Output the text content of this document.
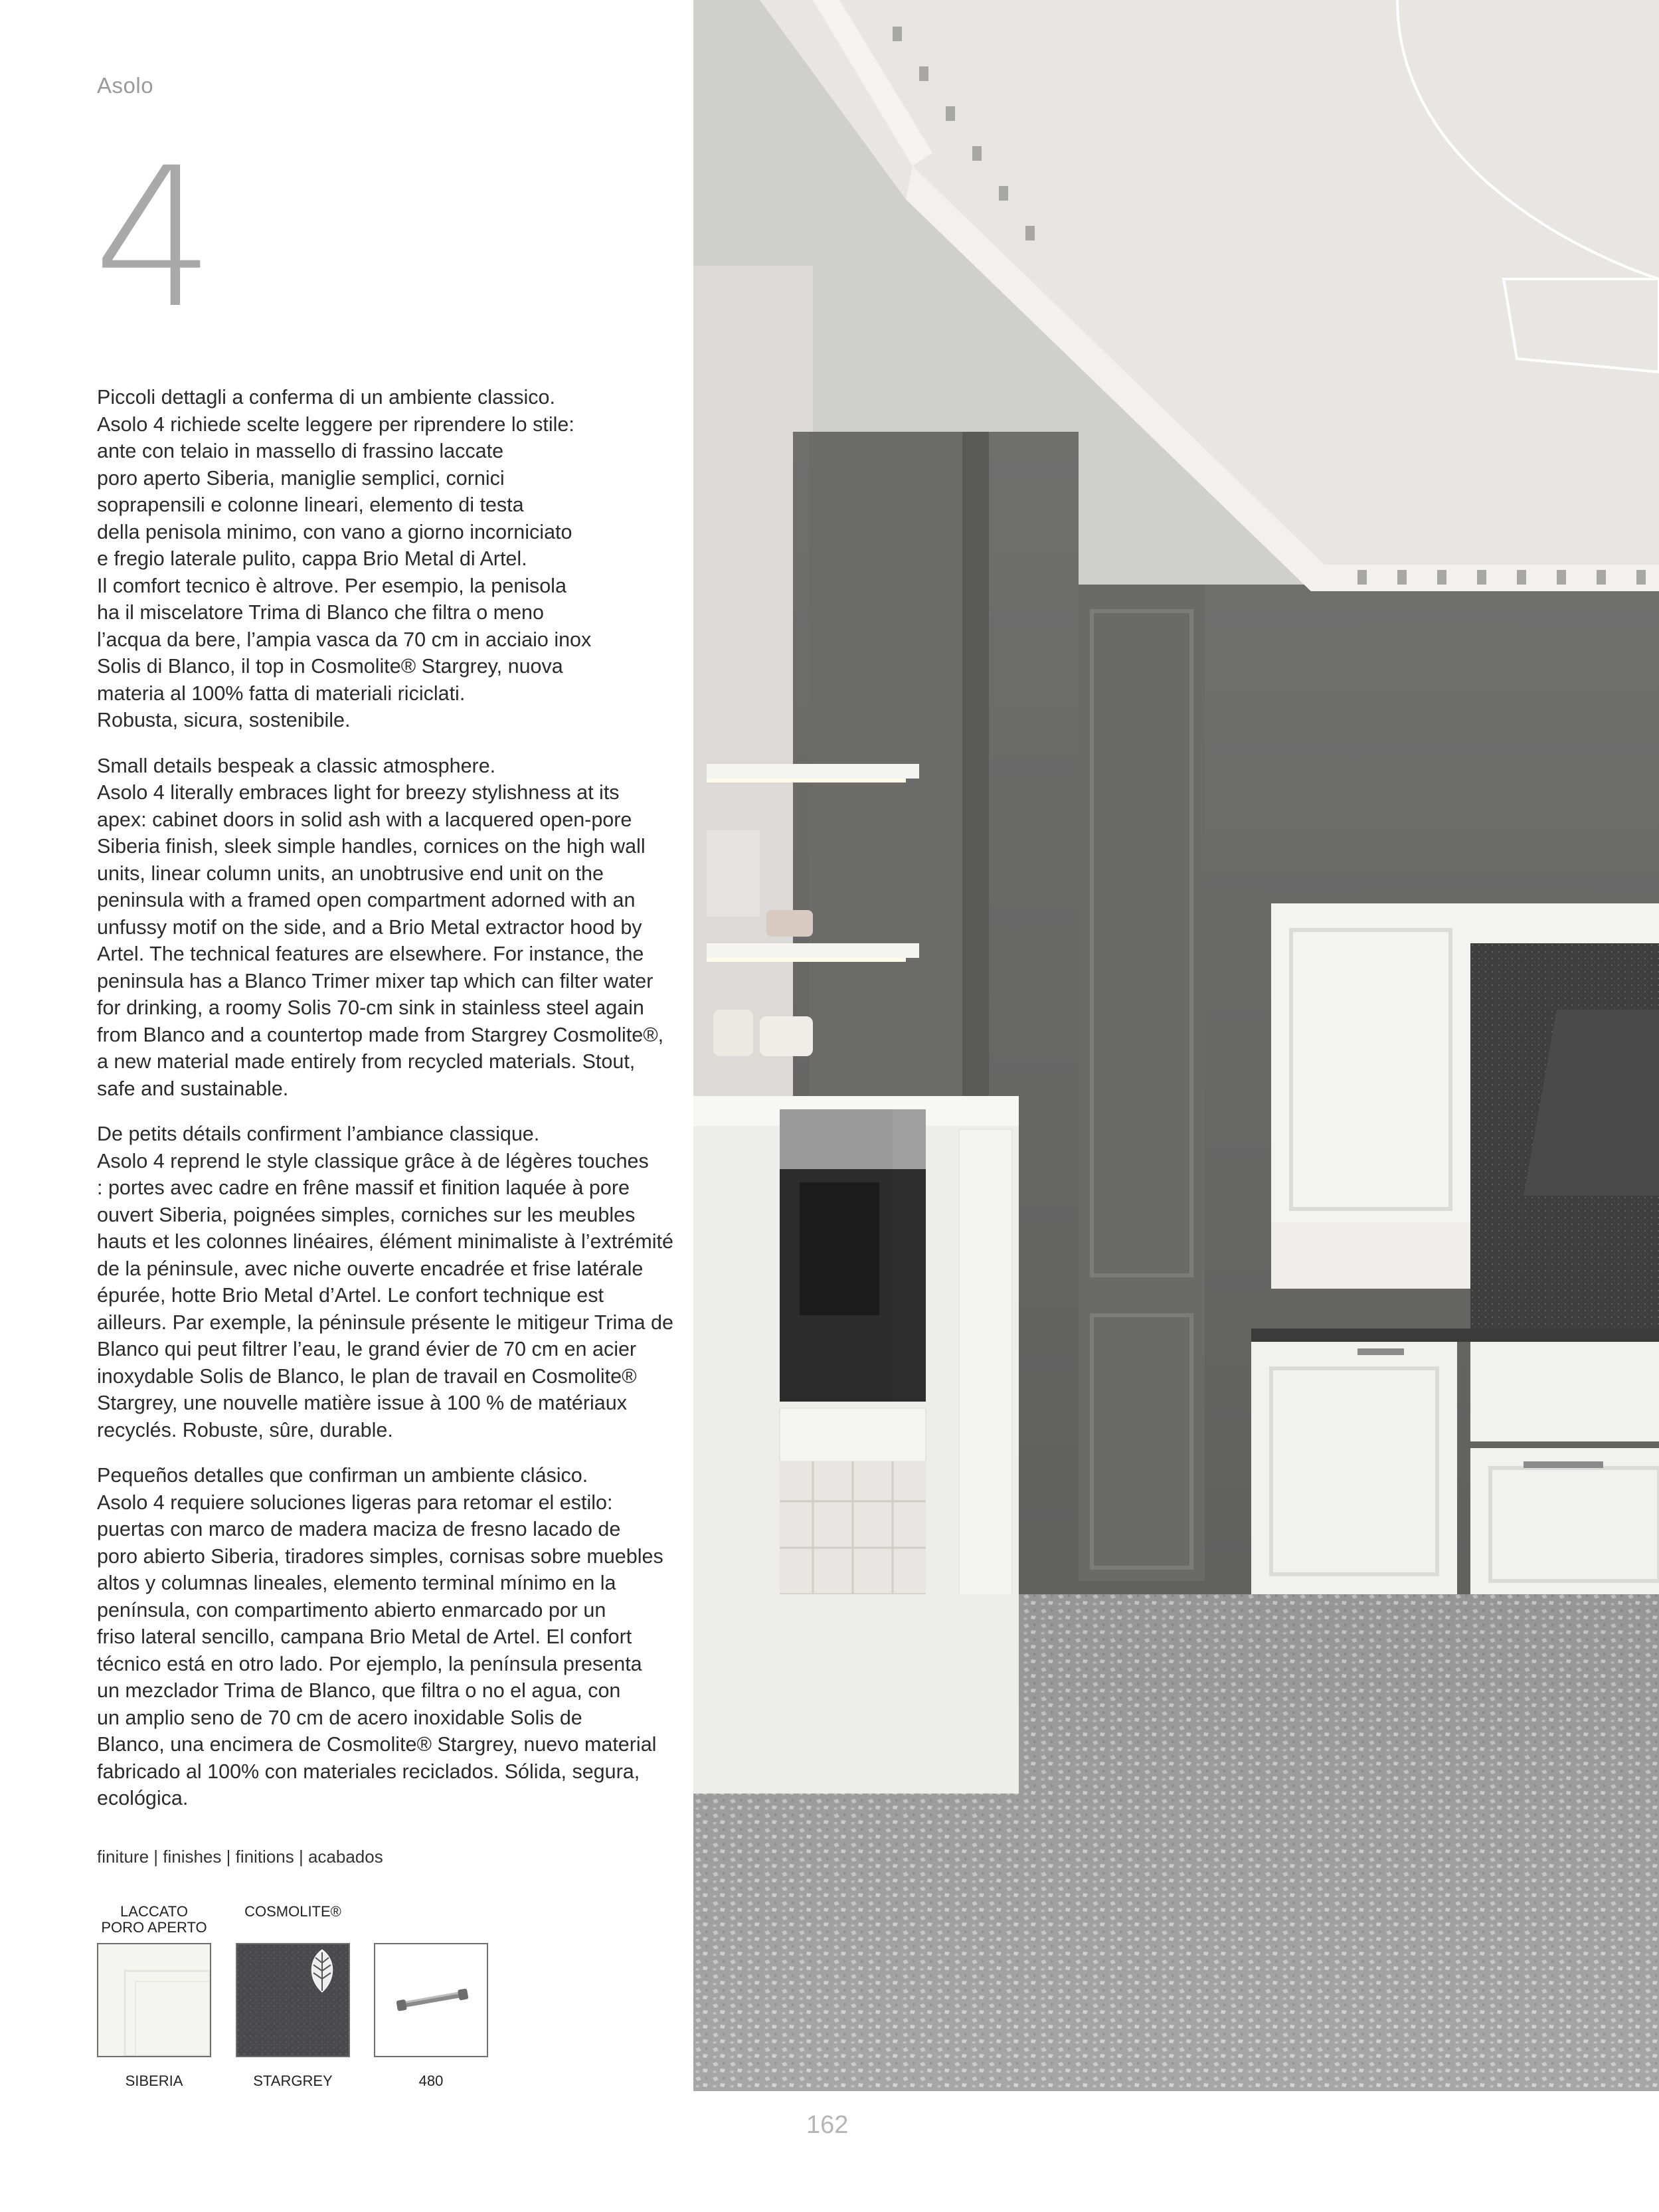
Asolo
4

Piccoli dettagli a conferma di un ambiente classico.
Asolo 4 richiede scelte leggere per riprendere lo stile:
ante con telaio in massello di frassino laccate
poro aperto Siberia, maniglie semplici, cornici
soprapensili e colonne lineari, elemento di testa
della penisola minimo, con vano a giorno incorniciato
e fregio laterale pulito, cappa Brio Metal di Artel.
Il comfort tecnico è altrove. Per esempio, la penisola
ha il miscelatore Trima di Blanco che filtra o meno
l’acqua da bere, l’ampia vasca da 70 cm in acciaio inox
Solis di Blanco, il top in Cosmolite® Stargrey, nuova
materia al 100% fatta di materiali riciclati.
Robusta, sicura, sostenibile.

Small details bespeak a classic atmosphere.
Asolo 4 literally embraces light for breezy stylishness at its
apex: cabinet doors in solid ash with a lacquered open-pore
Siberia finish, sleek simple handles, cornices on the high wall
units, linear column units, an unobtrusive end unit on the
peninsula with a framed open compartment adorned with an
unfussy motif on the side, and a Brio Metal extractor hood by
Artel. The technical features are elsewhere. For instance, the
peninsula has a Blanco Trimer mixer tap which can filter water
for drinking, a roomy Solis 70-cm sink in stainless steel again
from Blanco and a countertop made from Stargrey Cosmolite®,
a new material made entirely from recycled materials. Stout,
safe and sustainable.

De petits détails confirment l’ambiance classique.
Asolo 4 reprend le style classique grâce à de légères touches
: portes avec cadre en frêne massif et finition laquée à pore
ouvert Siberia, poignées simples, corniches sur les meubles
hauts et les colonnes linéaires, élément minimaliste à l’extrémité
de la péninsule, avec niche ouverte encadrée et frise latérale
épurée, hotte Brio Metal d’Artel. Le confort technique est
ailleurs. Par exemple, la péninsule présente le mitigeur Trima de
Blanco qui peut filtrer l’eau, le grand évier de 70 cm en acier
inoxydable Solis de Blanco, le plan de travail en Cosmolite®
Stargrey, une nouvelle matière issue à 100 % de matériaux
recyclés. Robuste, sûre, durable.

Pequeños detalles que confirman un ambiente clásico.
Asolo 4 requiere soluciones ligeras para retomar el estilo:
puertas con marco de madera maciza de fresno lacado de
poro abierto Siberia, tiradores simples, cornisas sobre muebles
altos y columnas lineales, elemento terminal mínimo en la
península, con compartimento abierto enmarcado por un
friso lateral sencillo, campana Brio Metal de Artel. El confort
técnico está en otro lado. Por ejemplo, la península presenta
un mezclador Trima de Blanco, que filtra o no el agua, con
un amplio seno de 70 cm de acero inoxidable Solis de
Blanco, una encimera de Cosmolite® Stargrey, nuevo material
fabricado al 100% con materiales reciclados. Sólida, segura,
ecológica.

finiture | finishes | finitions | acabados
LACCATO
PORO APERTO
COSMOLITE®
SIBERIA	STARGREY	480
162
